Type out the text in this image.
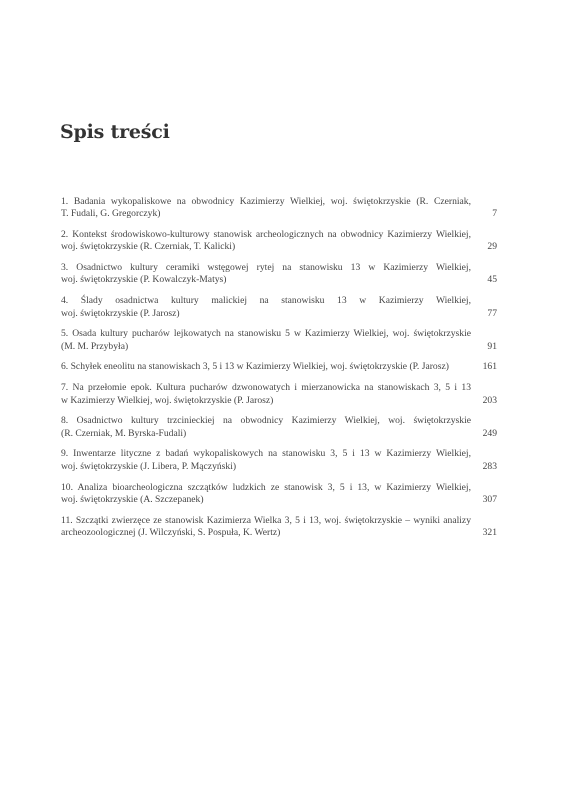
Spis treści
1. Badania wykopaliskowe na obwodnicy Kazimierzy Wielkiej, woj. świętokrzyskie (R. Czerniak,
T. Fudali, G. Gregorczyk)	7
2. Kontekst środowiskowo-kulturowy stanowisk archeologicznych na obwodnicy Kazimierzy Wielkiej,
woj. świętokrzyskie (R. Czerniak, T. Kalicki)	29
3. Osadnictwo kultury ceramiki wstęgowej rytej na stanowisku 13 w Kazimierzy Wielkiej,
woj. świętokrzyskie (P. Kowalczyk-Matys)	45
4. Ślady osadnictwa kultury malickiej na stanowisku 13 w Kazimierzy Wielkiej,
woj. świętokrzyskie (P. Jarosz)	77
5. Osada kultury pucharów lejkowatych na stanowisku 5 w Kazimierzy Wielkiej, woj. świętokrzyskie
(M. M. Przybyła)	91
6. Schyłek eneolitu na stanowiskach 3, 5 i 13 w Kazimierzy Wielkiej, woj. świętokrzyskie (P. Jarosz)	161
7. Na przełomie epok. Kultura pucharów dzwonowatych i mierzanowicka na stanowiskach 3, 5 i 13
w Kazimierzy Wielkiej, woj. świętokrzyskie (P. Jarosz)	203
8. Osadnictwo kultury trzcinieckiej na obwodnicy Kazimierzy Wielkiej, woj. świętokrzyskie
(R. Czerniak, M. Byrska-Fudali)	249
9. Inwentarze lityczne z badań wykopaliskowych na stanowisku 3, 5 i 13 w Kazimierzy Wielkiej,
woj. świętokrzyskie (J. Libera, P. Mączyński)	283
10. Analiza bioarcheologiczna szczątków ludzkich ze stanowisk 3, 5 i 13, w Kazimierzy Wielkiej,
woj. świętokrzyskie (A. Szczepanek)	307
11. Szczątki zwierzęce ze stanowisk Kazimierza Wielka 3, 5 i 13, woj. świętokrzyskie – wyniki analizy
archeozoologicznej (J. Wilczyński, S. Pospuła, K. Wertz)	321
